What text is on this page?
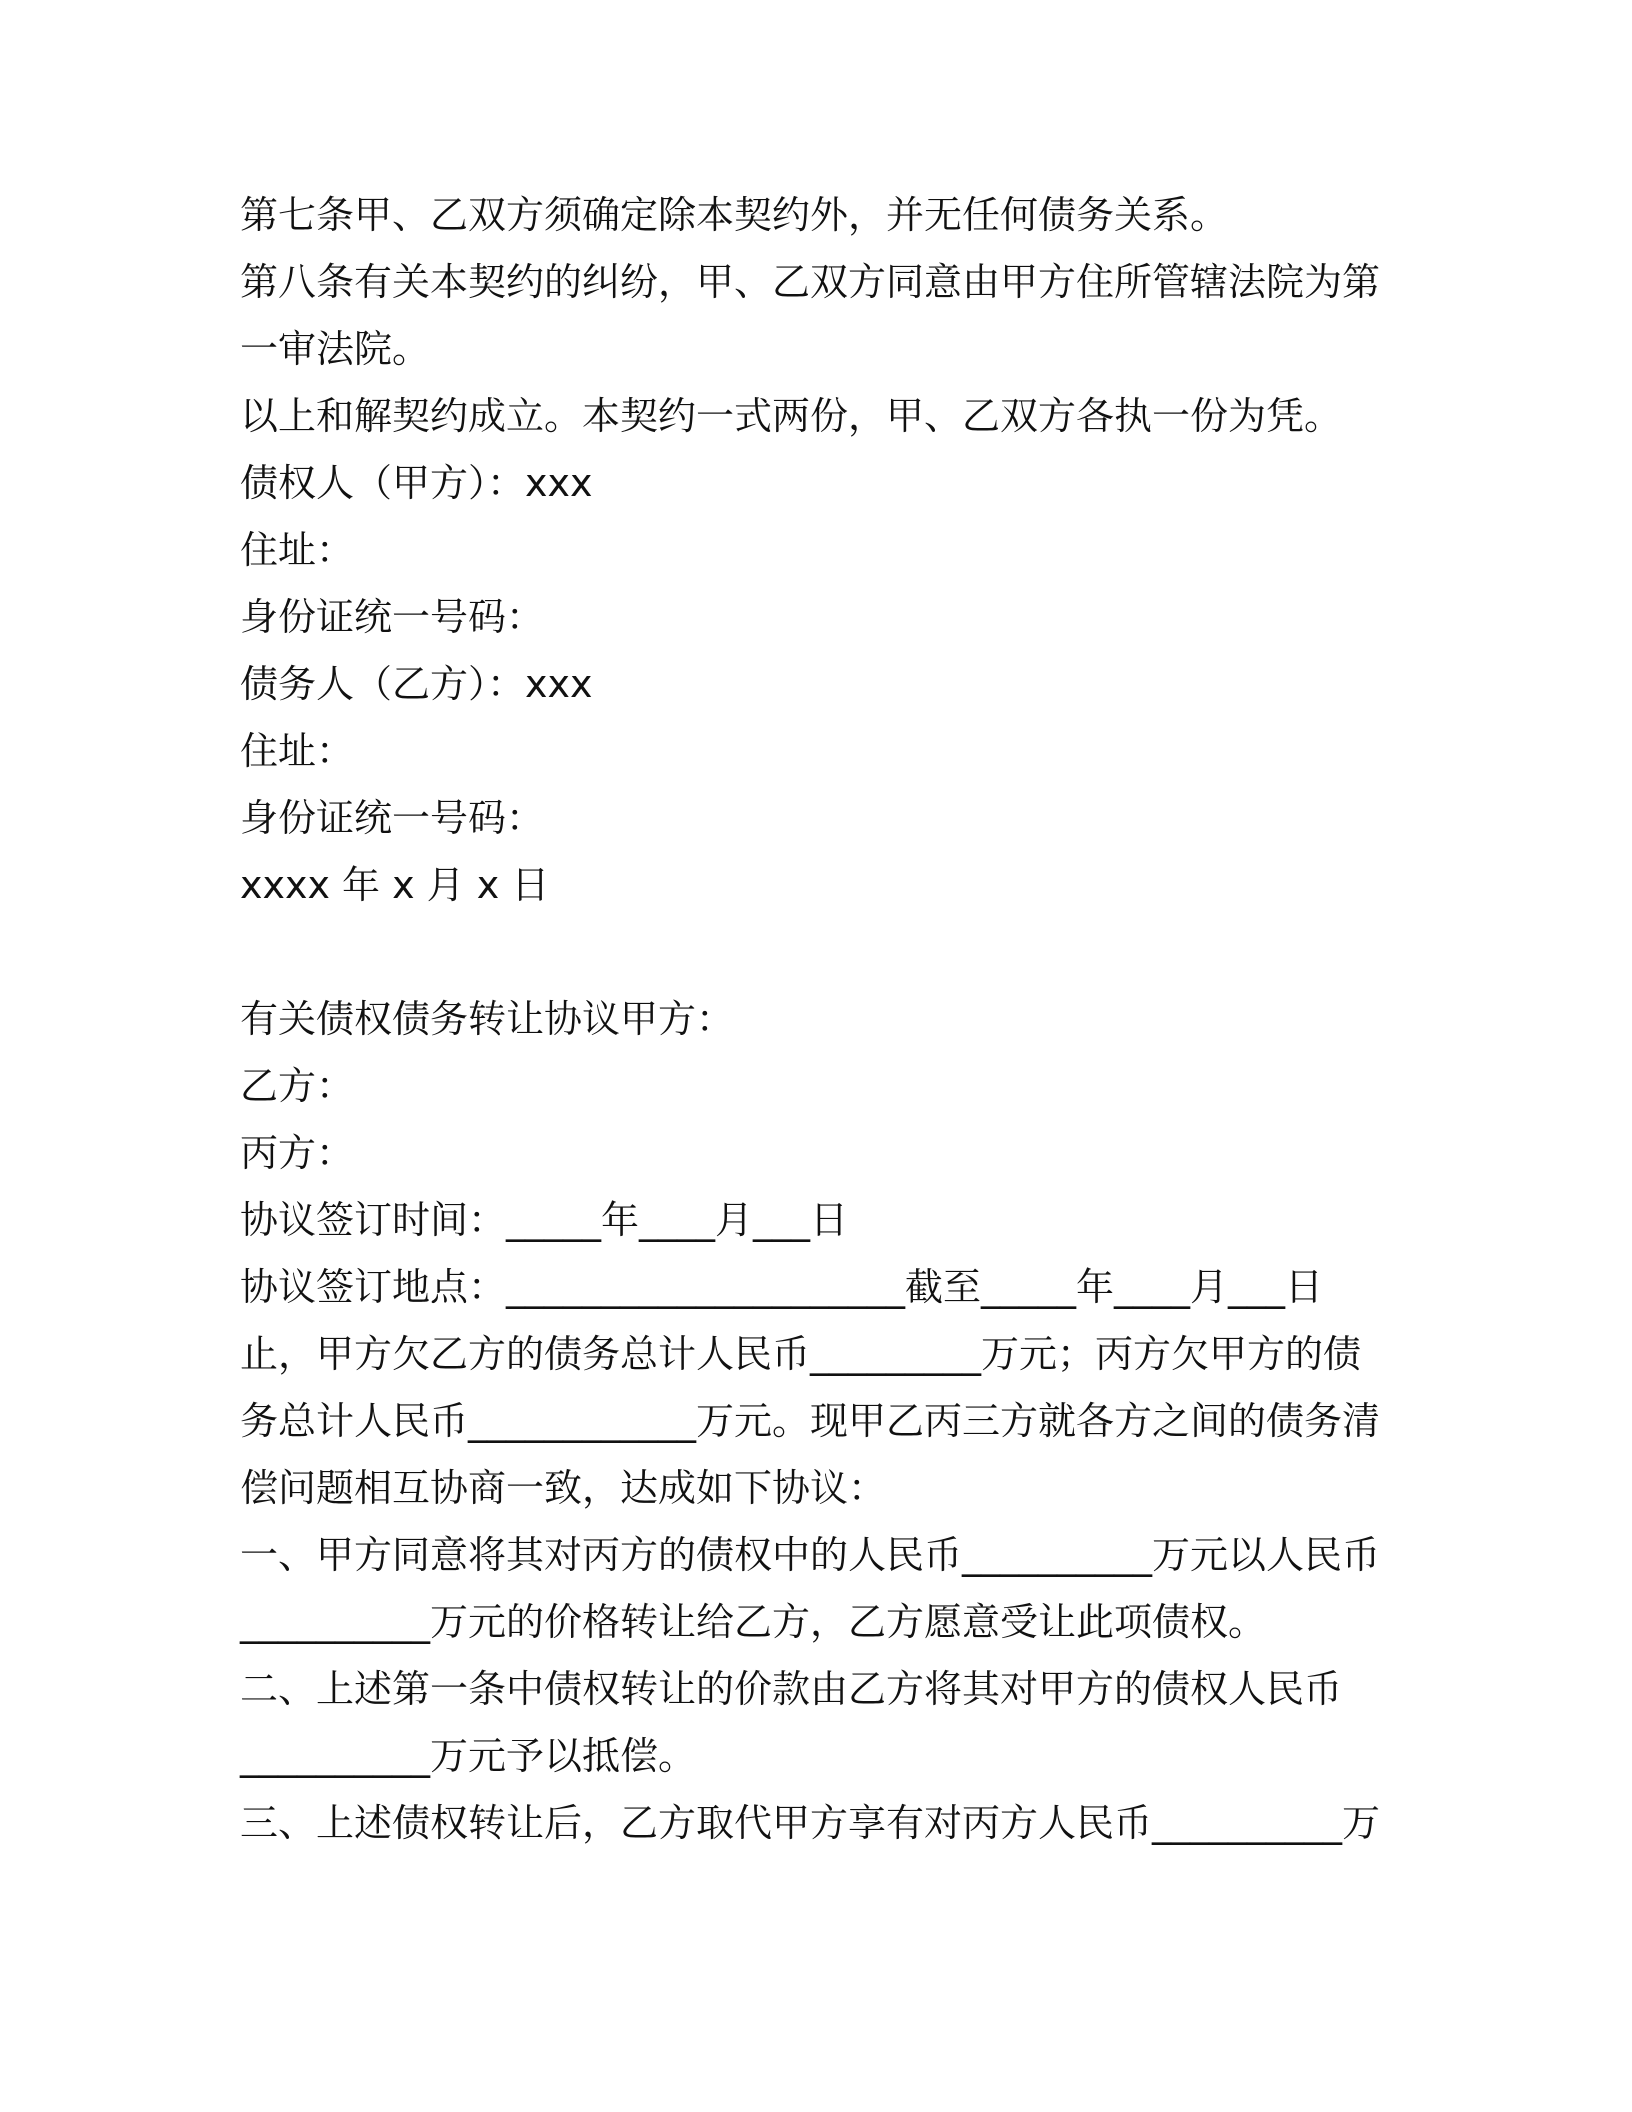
第七条甲、乙双方须确定除本契约外，并无任何债务关系。
第八条有关本契约的纠纷，甲、乙双方同意由甲方住所管辖法院为第
一审法院。
以上和解契约成立。本契约一式两份，甲、乙双方各执一份为凭。
债权人（甲方）：xxx
住址：
身份证统一号码：
债务人（乙方）：xxx
住址：
身份证统一号码：
xxxx 年 x 月 x 日
有关债权债务转让协议甲方：
乙方：
丙方：
协议签订时间：_____年____月___日
协议签订地点：_____________________截至_____年____月___日
止，甲方欠乙方的债务总计人民币_________万元；丙方欠甲方的债
务总计人民币____________万元。现甲乙丙三方就各方之间的债务清
偿问题相互协商一致，达成如下协议：
一、甲方同意将其对丙方的债权中的人民币__________万元以人民币
__________万元的价格转让给乙方，乙方愿意受让此项债权。
二、上述第一条中债权转让的价款由乙方将其对甲方的债权人民币
__________万元予以抵偿。
三、上述债权转让后，乙方取代甲方享有对丙方人民币__________万
